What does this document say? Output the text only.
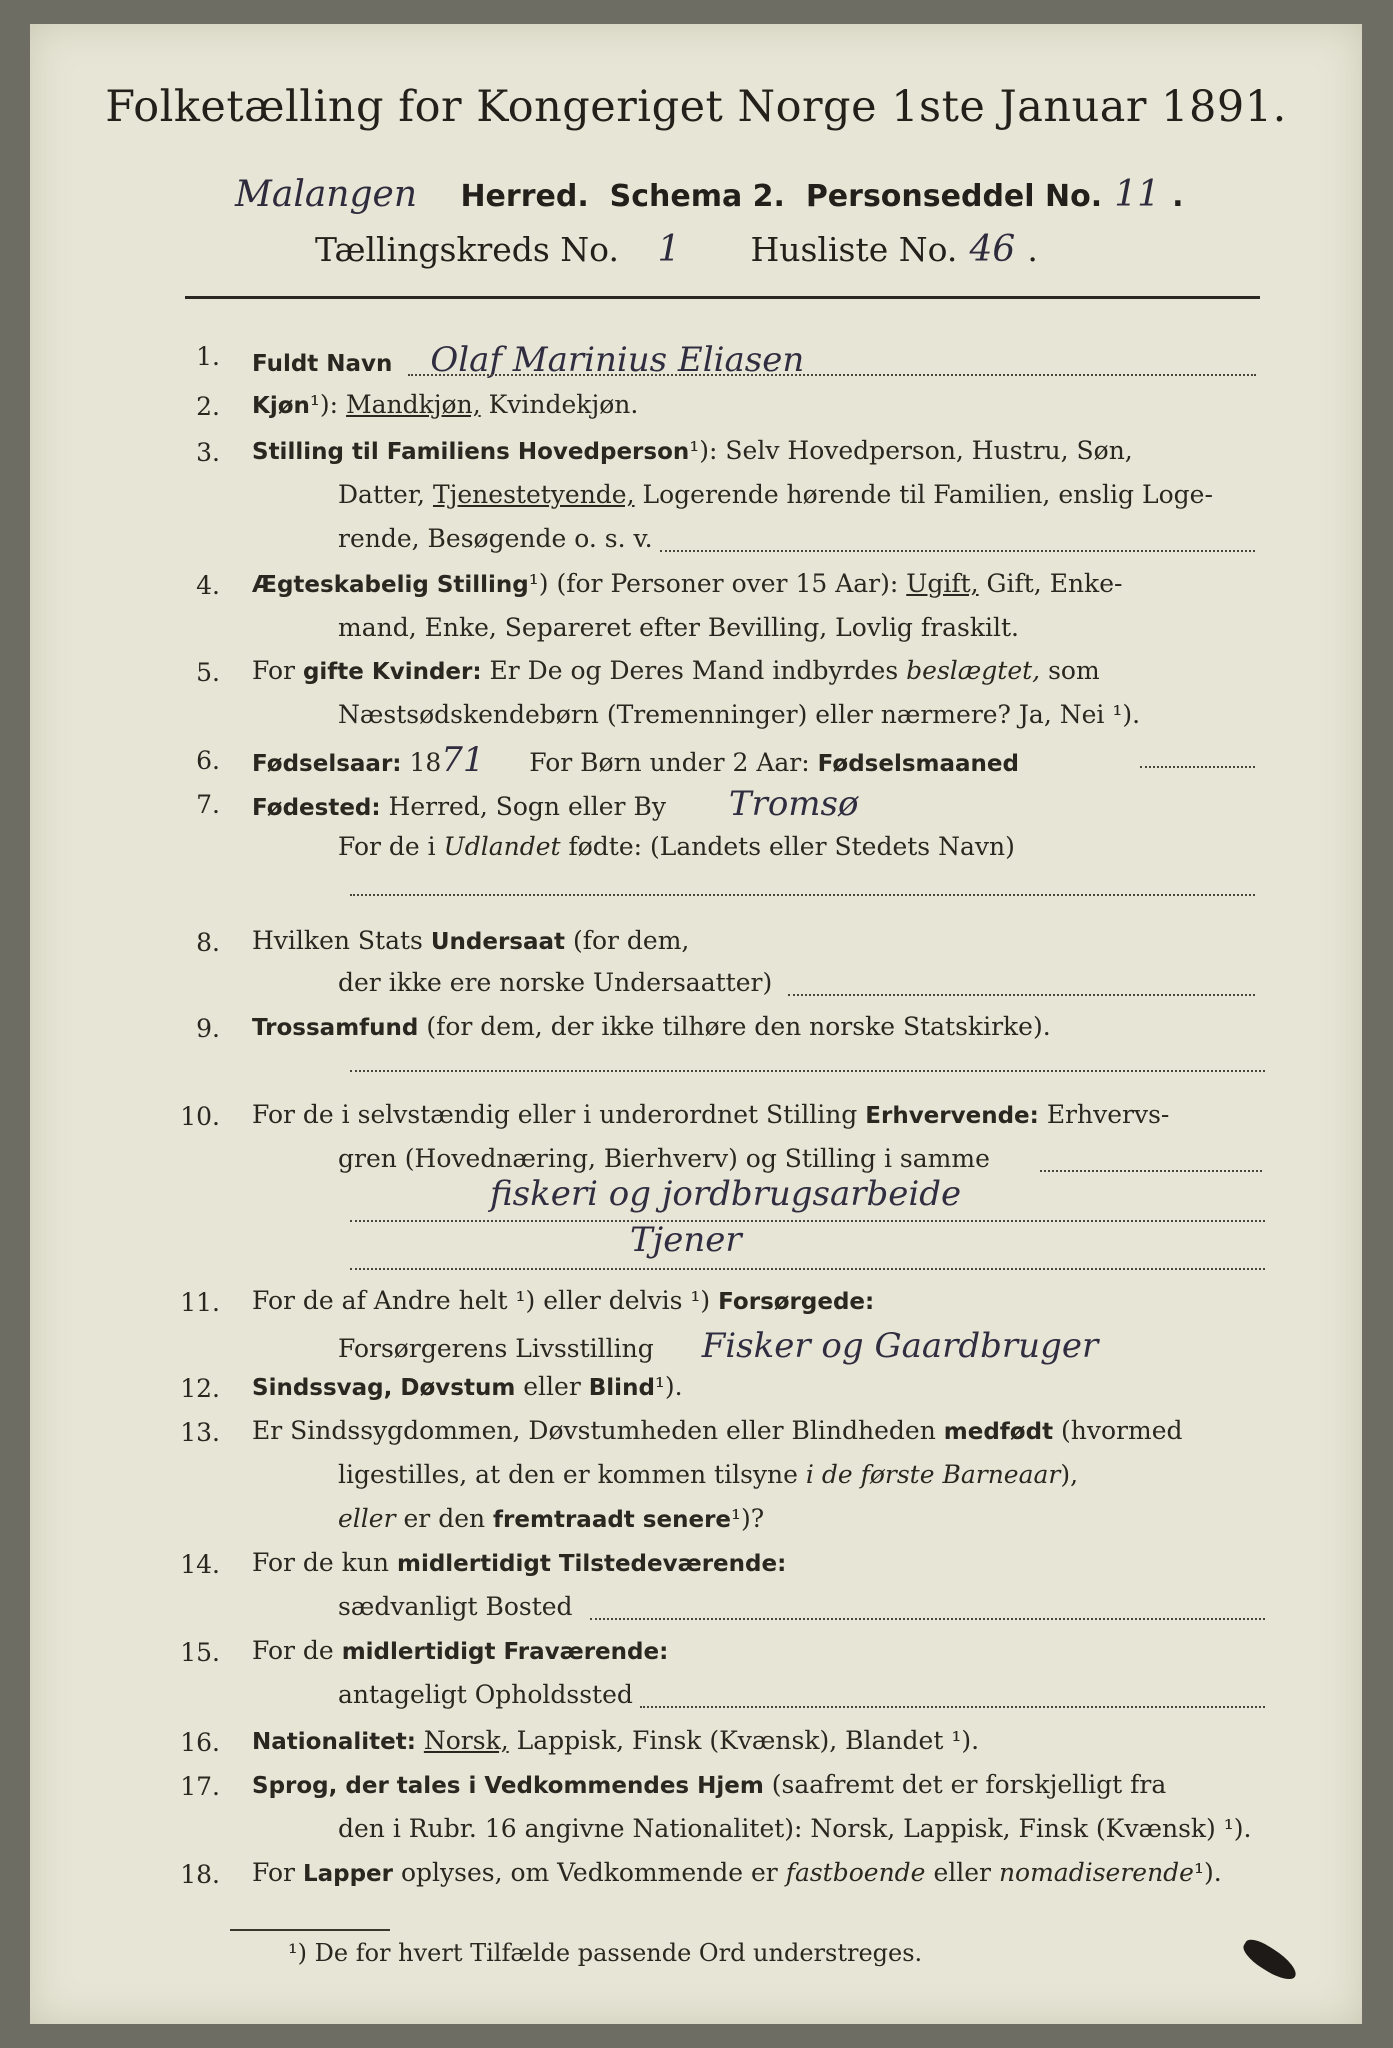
Folketælling for Kongeriget Norge 1ste Januar 1891.
Malangen Herred. Schema 2. Personseddel No. 11 .
Tællingskreds No. 1 Husliste No. 46 .
1. Fuldt Navn Olaf Marinius Eliasen
2. Kjøn¹): Mandkjøn, Kvindekjøn.
3. Stilling til Familiens Hovedperson¹): Selv Hovedperson, Hustru, Søn,
Datter, Tjenestetyende, Logerende hørende til Familien, enslig Loge-
rende, Besøgende o. s. v.
4. Ægteskabelig Stilling¹) (for Personer over 15 Aar): Ugift, Gift, Enke-
mand, Enke, Separeret efter Bevilling, Lovlig fraskilt.
5. For gifte Kvinder: Er De og Deres Mand indbyrdes beslægtet, som
Næstsødskendebørn (Tremenninger) eller nærmere? Ja, Nei ¹).
6. Fødselsaar: 1871 For Børn under 2 Aar: Fødselsmaaned
7. Fødested: Herred, Sogn eller By Tromsø
For de i Udlandet fødte: (Landets eller Stedets Navn)
8. Hvilken Stats Undersaat (for dem,
der ikke ere norske Undersaatter)
9. Trossamfund (for dem, der ikke tilhøre den norske Statskirke).
10. For de i selvstændig eller i underordnet Stilling Erhvervende: Erhvervs-
gren (Hovednæring, Bierhverv) og Stilling i samme
fiskeri og jordbrugsarbeide
Tjener
11. For de af Andre helt ¹) eller delvis ¹) Forsørgede:
Forsørgerens Livsstilling Fisker og Gaardbruger
12. Sindssvag, Døvstum eller Blind¹).
13. Er Sindssygdommen, Døvstumheden eller Blindheden medfødt (hvormed
ligestilles, at den er kommen tilsyne i de første Barneaar),
eller er den fremtraadt senere¹)?
14. For de kun midlertidigt Tilstedeværende:
sædvanligt Bosted
15. For de midlertidigt Fraværende:
antageligt Opholdssted
16. Nationalitet: Norsk, Lappisk, Finsk (Kvænsk), Blandet ¹).
17. Sprog, der tales i Vedkommendes Hjem (saafremt det er forskjelligt fra
den i Rubr. 16 angivne Nationalitet): Norsk, Lappisk, Finsk (Kvænsk) ¹).
18. For Lapper oplyses, om Vedkommende er fastboende eller nomadiserende¹).
¹) De for hvert Tilfælde passende Ord understreges.
